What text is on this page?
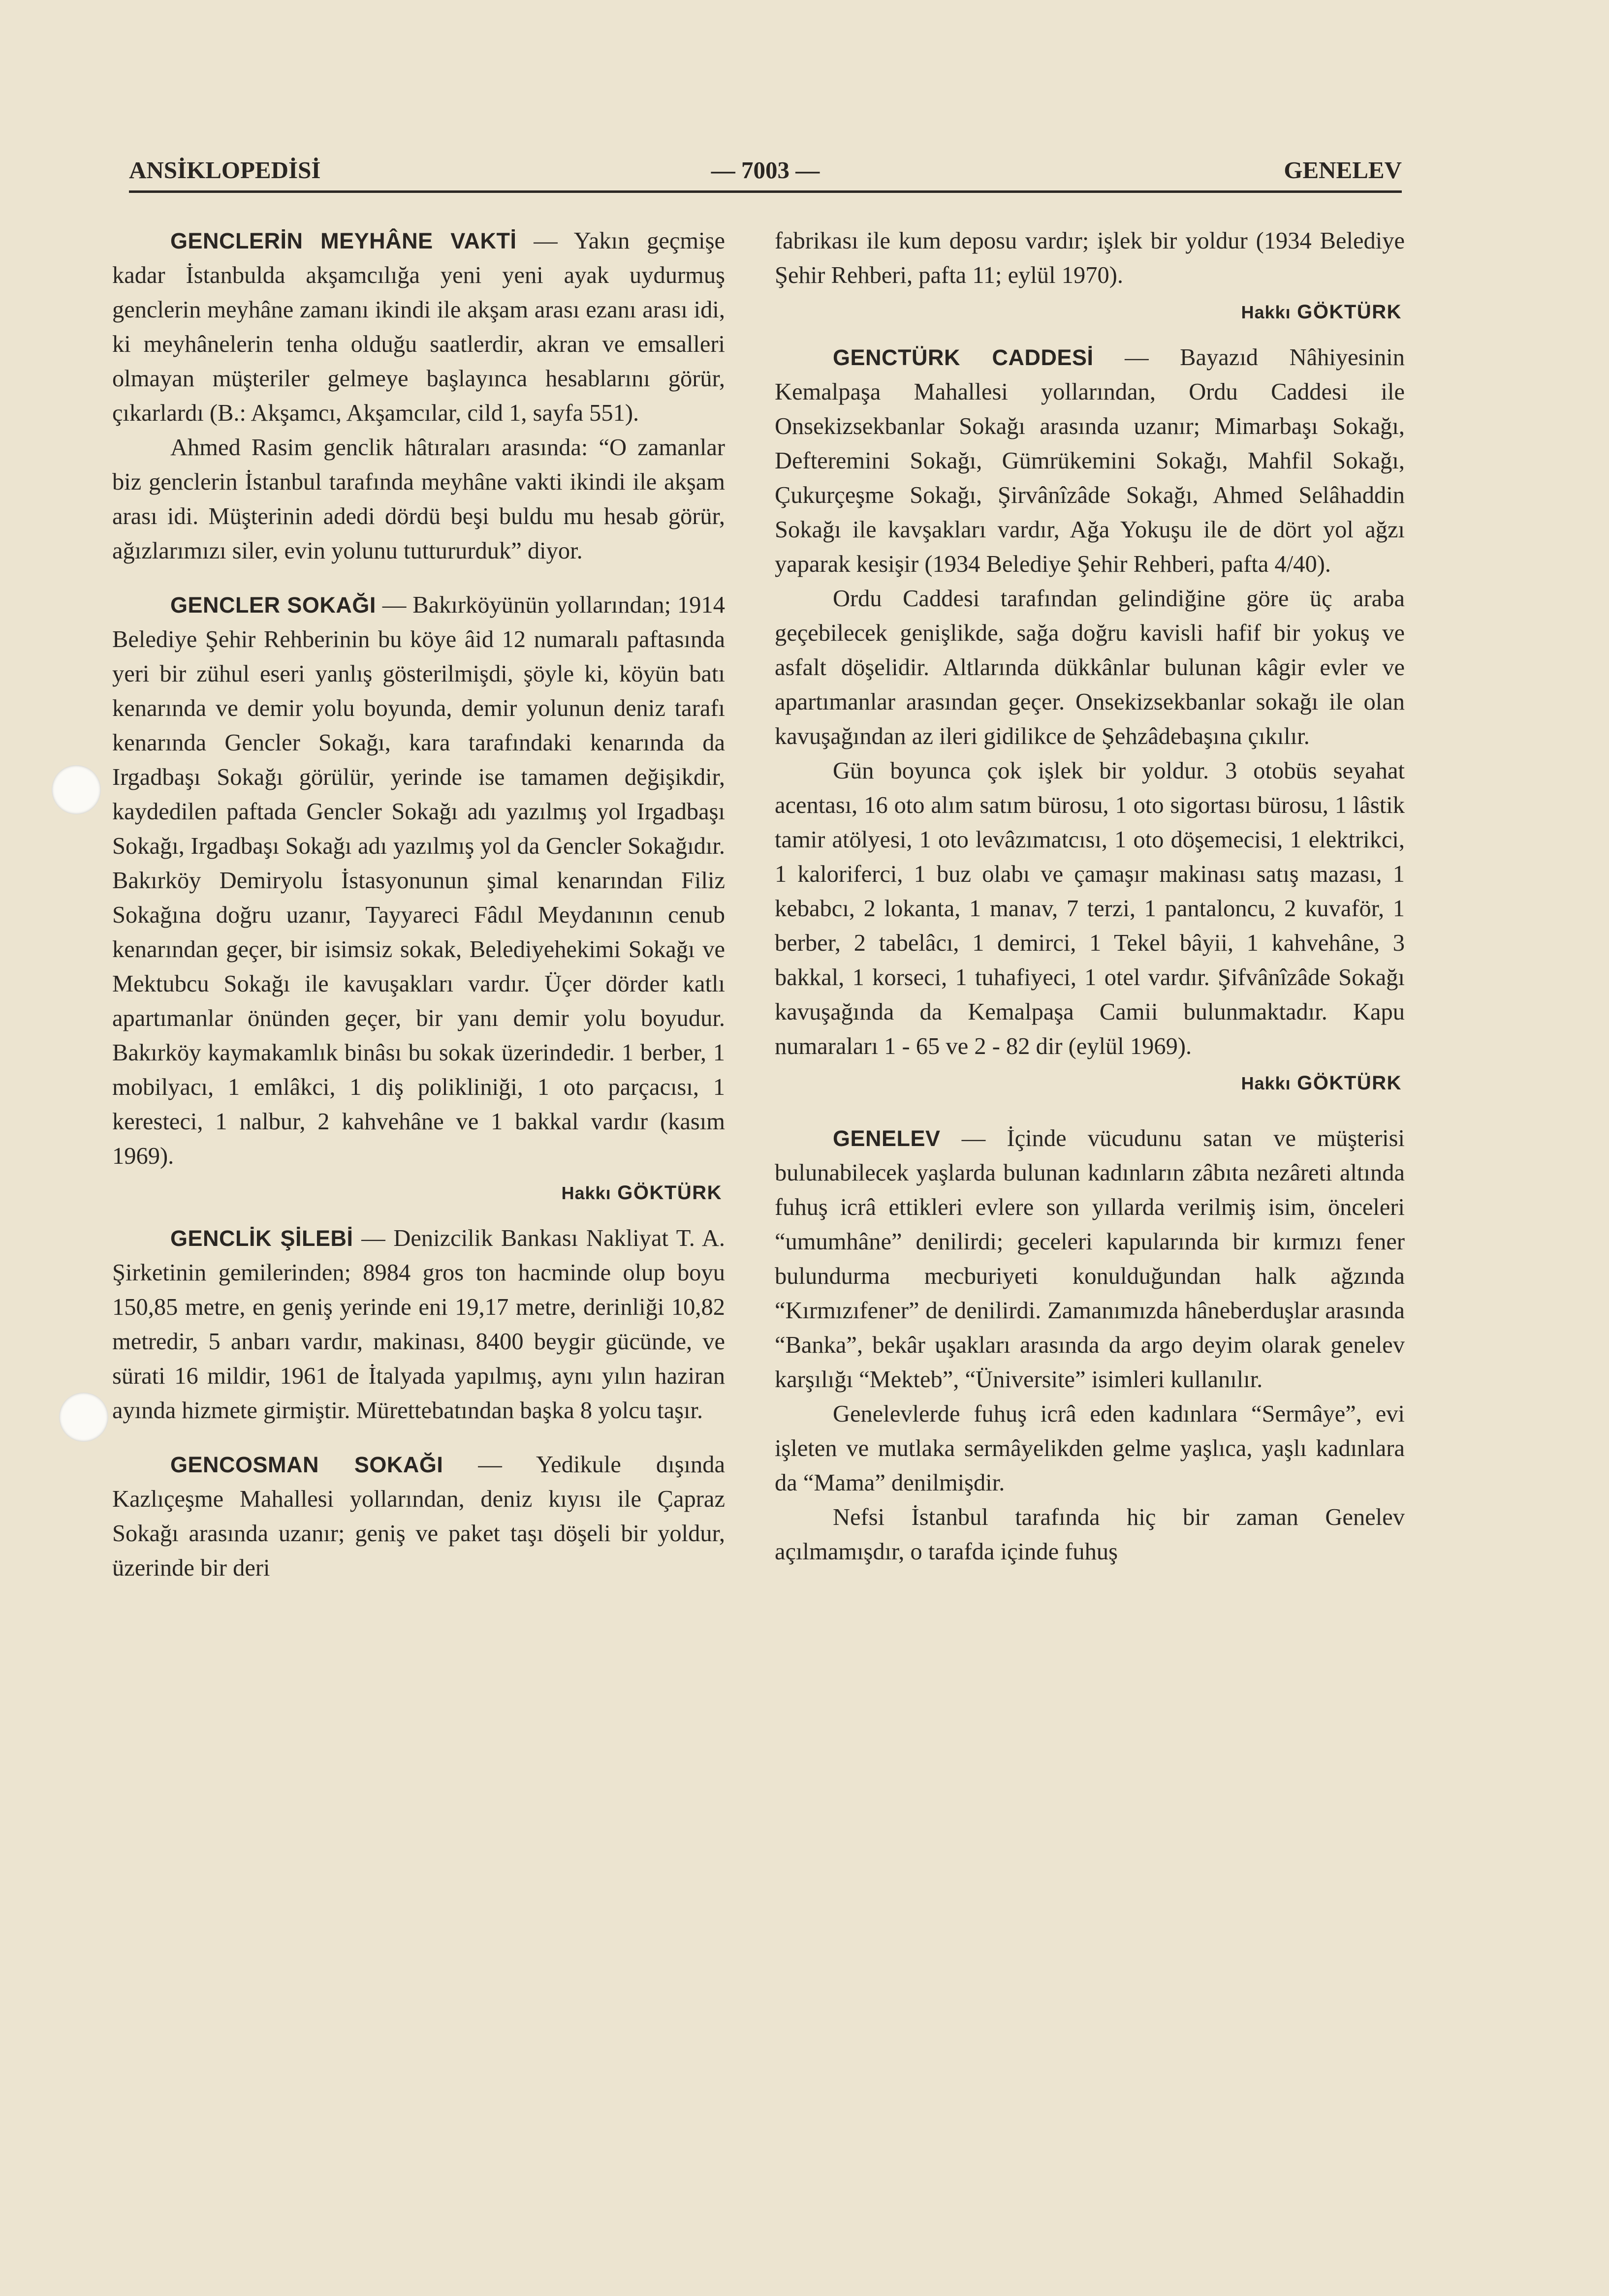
ANSİKLOPEDİSİ	— 7003 —	GENELEV

GENCLERİN MEYHÂNE VAKTİ — Yakın geçmişe kadar İstanbulda akşamcılığa yeni yeni ayak uydurmuş genclerin meyhâne zamanı ikindi ile akşam arası ezanı arası idi, ki meyhânelerin tenha olduğu saatlerdir, akran ve emsalleri olmayan müşteriler gelmeye başlayınca hesablarını görür, çıkarlardı (B.: Akşamcı, Akşamcılar, cild 1, sayfa 551).

Ahmed Rasim genclik hâtıraları arasında: “O zamanlar biz genclerin İstanbul tarafında meyhâne vakti ikindi ile akşam arası idi. Müşterinin adedi dördü beşi buldu mu hesab görür, ağızlarımızı siler, evin yolunu tuttururduk” diyor.

GENCLER SOKAĞI — Bakırköyünün yollarından; 1914 Belediye Şehir Rehberinin bu köye âid 12 numaralı paftasında yeri bir zühul eseri yanlış gösterilmişdi, şöyle ki, köyün batı kenarında ve demir yolu boyunda, demir yolunun deniz tarafı kenarında Gencler Sokağı, kara tarafındaki kenarında da Irgadbaşı Sokağı görülür, yerinde ise tamamen değişikdir, kaydedilen paftada Gencler Sokağı adı yazılmış yol Irgadbaşı Sokağı, Irgadbaşı Sokağı adı yazılmış yol da Gencler Sokağıdır. Bakırköy Demiryolu İstasyonunun şimal kenarından Filiz Sokağına doğru uzanır, Tayyareci Fâdıl Meydanının cenub kenarından geçer, bir isimsiz sokak, Belediyehekimi Sokağı ve Mektubcu Sokağı ile kavuşakları vardır. Üçer dörder katlı apartımanlar önünden geçer, bir yanı demir yolu boyudur. Bakırköy kaymakamlık binâsı bu sokak üzerindedir. 1 berber, 1 mobilyacı, 1 emlâkci, 1 diş polikliniği, 1 oto parçacısı, 1 keresteci, 1 nalbur, 2 kahvehâne ve 1 bakkal vardır (kasım 1969).

Hakkı GÖKTÜRK

GENCLİK ŞİLEBİ — Denizcilik Bankası Nakliyat T. A. Şirketinin gemilerinden; 8984 gros ton hacminde olup boyu 150,85 metre, en geniş yerinde eni 19,17 metre, derinliği 10,82 metredir, 5 anbarı vardır, makinası, 8400 beygir gücünde, ve sürati 16 mildir, 1961 de İtalyada yapılmış, aynı yılın haziran ayında hizmete girmiştir. Mürettebatından başka 8 yolcu taşır.

GENCOSMAN SOKAĞI — Yedikule dışında Kazlıçeşme Mahallesi yollarından, deniz kıyısı ile Çapraz Sokağı arasında uzanır; geniş ve paket taşı döşeli bir yoldur, üzerinde bir deri

fabrikası ile kum deposu vardır; işlek bir yoldur (1934 Belediye Şehir Rehberi, pafta 11; eylül 1970).

Hakkı GÖKTÜRK

GENCTÜRK CADDESİ — Bayazıd Nâhiyesinin Kemalpaşa Mahallesi yollarından, Ordu Caddesi ile Onsekizsekbanlar Sokağı arasında uzanır; Mimarbaşı Sokağı, Defteremini Sokağı, Gümrükemini Sokağı, Mahfil Sokağı, Çukurçeşme Sokağı, Şirvânîzâde Sokağı, Ahmed Selâhaddin Sokağı ile kavşakları vardır, Ağa Yokuşu ile de dört yol ağzı yaparak kesişir (1934 Belediye Şehir Rehberi, pafta 4/40).

Ordu Caddesi tarafından gelindiğine göre üç araba geçebilecek genişlikde, sağa doğru kavisli hafif bir yokuş ve asfalt döşelidir. Altlarında dükkânlar bulunan kâgir evler ve apartımanlar arasından geçer. Onsekizsekbanlar sokağı ile olan kavuşağından az ileri gidilikce de Şehzâdebaşına çıkılır.

Gün boyunca çok işlek bir yoldur. 3 otobüs seyahat acentası, 16 oto alım satım bürosu, 1 oto sigortası bürosu, 1 lâstik tamir atölyesi, 1 oto levâzımatcısı, 1 oto döşemecisi, 1 elektrikci, 1 kaloriferci, 1 buz olabı ve çamaşır makinası satış mazası, 1 kebabcı, 2 lokanta, 1 manav, 7 terzi, 1 pantaloncu, 2 kuvaför, 1 berber, 2 tabelâcı, 1 demirci, 1 Tekel bâyii, 1 kahvehâne, 3 bakkal, 1 korseci, 1 tuhafiyeci, 1 otel vardır. Şifvânîzâde Sokağı kavuşağında da Kemalpaşa Camii bulunmaktadır. Kapu numaraları 1 - 65 ve 2 - 82 dir (eylül 1969).

Hakkı GÖKTÜRK

GENELEV — İçinde vücudunu satan ve müşterisi bulunabilecek yaşlarda bulunan kadınların zâbıta nezâreti altında fuhuş icrâ ettikleri evlere son yıllarda verilmiş isim, önceleri “umumhâne” denilirdi; geceleri kapularında bir kırmızı fener bulundurma mecburiyeti konulduğundan halk ağzında “Kırmızıfener” de denilirdi. Zamanımızda hâneberduşlar arasında “Banka”, bekâr uşakları arasında da argo deyim olarak genelev karşılığı “Mekteb”, “Üniversite” isimleri kullanılır.

Genelevlerde fuhuş icrâ eden kadınlara “Sermâye”, evi işleten ve mutlaka sermâyelikden gelme yaşlıca, yaşlı kadınlara da “Mama” denilmişdir.

Nefsi İstanbul tarafında hiç bir zaman Genelev açılmamışdır, o tarafda içinde fuhuş
